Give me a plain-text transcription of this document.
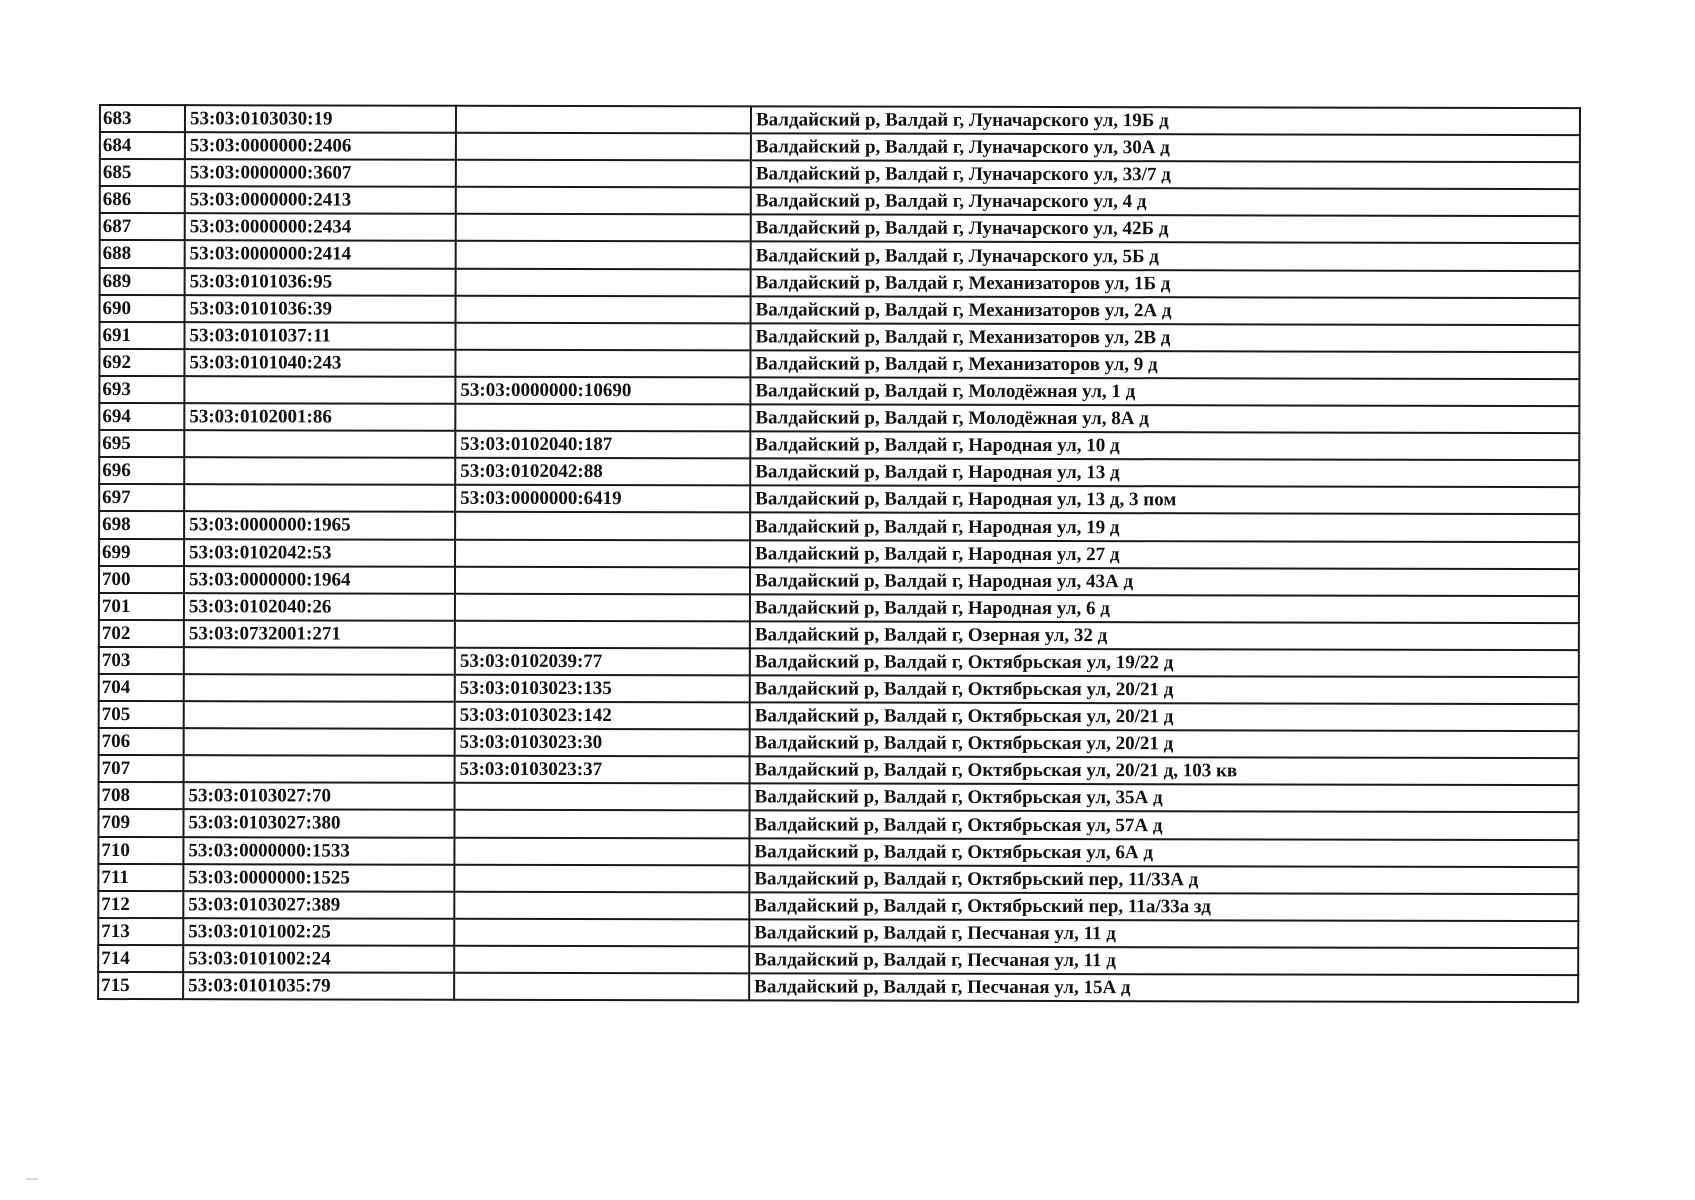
683	53:03:0103030:19		Валдайский р, Валдай г, Луначарского ул, 19Б д
684	53:03:0000000:2406		Валдайский р, Валдай г, Луначарского ул, 30А д
685	53:03:0000000:3607		Валдайский р, Валдай г, Луначарского ул, 33/7 д
686	53:03:0000000:2413		Валдайский р, Валдай г, Луначарского ул, 4 д
687	53:03:0000000:2434		Валдайский р, Валдай г, Луначарского ул, 42Б д
688	53:03:0000000:2414		Валдайский р, Валдай г, Луначарского ул, 5Б д
689	53:03:0101036:95		Валдайский р, Валдай г, Механизаторов ул, 1Б д
690	53:03:0101036:39		Валдайский р, Валдай г, Механизаторов ул, 2А д
691	53:03:0101037:11		Валдайский р, Валдай г, Механизаторов ул, 2В д
692	53:03:0101040:243		Валдайский р, Валдай г, Механизаторов ул, 9 д
693		53:03:0000000:10690	Валдайский р, Валдай г, Молодёжная ул, 1 д
694	53:03:0102001:86		Валдайский р, Валдай г, Молодёжная ул, 8А д
695		53:03:0102040:187	Валдайский р, Валдай г, Народная ул, 10 д
696		53:03:0102042:88	Валдайский р, Валдай г, Народная ул, 13 д
697		53:03:0000000:6419	Валдайский р, Валдай г, Народная ул, 13 д, 3 пом
698	53:03:0000000:1965		Валдайский р, Валдай г, Народная ул, 19 д
699	53:03:0102042:53		Валдайский р, Валдай г, Народная ул, 27 д
700	53:03:0000000:1964		Валдайский р, Валдай г, Народная ул, 43А д
701	53:03:0102040:26		Валдайский р, Валдай г, Народная ул, 6 д
702	53:03:0732001:271		Валдайский р, Валдай г, Озерная ул, 32 д
703		53:03:0102039:77	Валдайский р, Валдай г, Октябрьская ул, 19/22 д
704		53:03:0103023:135	Валдайский р, Валдай г, Октябрьская ул, 20/21 д
705		53:03:0103023:142	Валдайский р, Валдай г, Октябрьская ул, 20/21 д
706		53:03:0103023:30	Валдайский р, Валдай г, Октябрьская ул, 20/21 д
707		53:03:0103023:37	Валдайский р, Валдай г, Октябрьская ул, 20/21 д, 103 кв
708	53:03:0103027:70		Валдайский р, Валдай г, Октябрьская ул, 35А д
709	53:03:0103027:380		Валдайский р, Валдай г, Октябрьская ул, 57А д
710	53:03:0000000:1533		Валдайский р, Валдай г, Октябрьская ул, 6А д
711	53:03:0000000:1525		Валдайский р, Валдай г, Октябрьский пер, 11/33А д
712	53:03:0103027:389		Валдайский р, Валдай г, Октябрьский пер, 11а/33а зд
713	53:03:0101002:25		Валдайский р, Валдай г, Песчаная ул, 11 д
714	53:03:0101002:24		Валдайский р, Валдай г, Песчаная ул, 11 д
715	53:03:0101035:79		Валдайский р, Валдай г, Песчаная ул, 15А д
